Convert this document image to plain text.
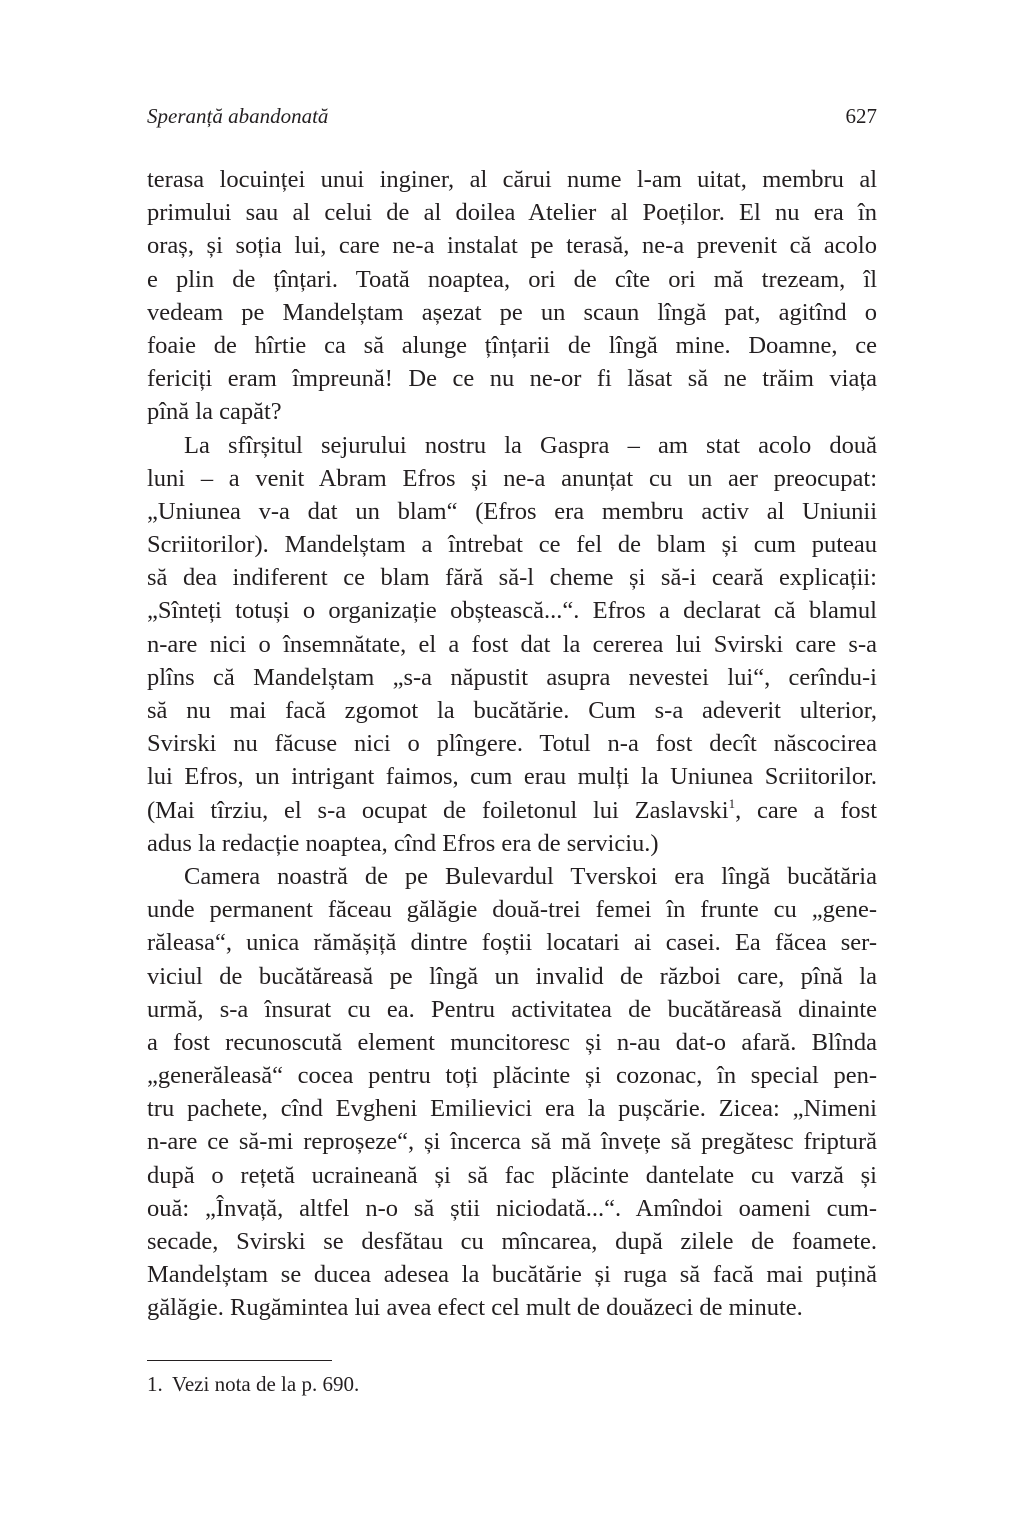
Speranță abandonată	627
terasa locuinței unui inginer, al cărui nume l-am uitat, membru al
primului sau al celui de al doilea Atelier al Poeților. El nu era în
oraș, și soția lui, care ne-a instalat pe terasă, ne-a prevenit că acolo
e plin de țînțari. Toată noaptea, ori de cîte ori mă trezeam, îl
vedeam pe Mandelștam așezat pe un scaun lîngă pat, agitînd o
foaie de hîrtie ca să alunge țînțarii de lîngă mine. Doamne, ce
fericiți eram împreună! De ce nu ne-or fi lăsat să ne trăim viața
pînă la capăt?
La sfîrșitul sejurului nostru la Gaspra – am stat acolo două
luni – a venit Abram Efros și ne-a anunțat cu un aer preocupat:
„Uniunea v-a dat un blam“ (Efros era membru activ al Uniunii
Scriitorilor). Mandelștam a întrebat ce fel de blam și cum puteau
să dea indiferent ce blam fără să-l cheme și să-i ceară explicații:
„Sînteți totuși o organizație obștească...“. Efros a declarat că blamul
n-are nici o însemnătate, el a fost dat la cererea lui Svirski care s-a
plîns că Mandelștam „s-a năpustit asupra nevestei lui“, cerîndu-i
să nu mai facă zgomot la bucătărie. Cum s-a adeverit ulterior,
Svirski nu făcuse nici o plîngere. Totul n-a fost decît născocirea
lui Efros, un intrigant faimos, cum erau mulți la Uniunea Scriitorilor.
(Mai tîrziu, el s-a ocupat de foiletonul lui Zaslavski$^1$, care a fost
adus la redacție noaptea, cînd Efros era de serviciu.)
Camera noastră de pe Bulevardul Tverskoi era lîngă bucătăria
unde permanent făceau gălăgie două-trei femei în frunte cu „gene-
răleasa“, unica rămășiță dintre foștii locatari ai casei. Ea făcea ser-
viciul de bucătăreasă pe lîngă un invalid de război care, pînă la
urmă, s-a însurat cu ea. Pentru activitatea de bucătăreasă dinainte
a fost recunoscută element muncitoresc și n-au dat-o afară. Blînda
„generăleasă“ cocea pentru toți plăcinte și cozonac, în special pen-
tru pachete, cînd Evgheni Emilievici era la pușcărie. Zicea: „Nimeni
n-are ce să-mi reproșeze“, și încerca să mă învețe să pregătesc friptură
după o rețetă ucraineană și să fac plăcinte dantelate cu varză și
ouă: „Învață, altfel n-o să știi niciodată...“. Amîndoi oameni cum-
secade, Svirski se desfătau cu mîncarea, după zilele de foamete.
Mandelștam se ducea adesea la bucătărie și ruga să facă mai puțină
gălăgie. Rugămintea lui avea efect cel mult de douăzeci de minute.
1. Vezi nota de la p. 690.
